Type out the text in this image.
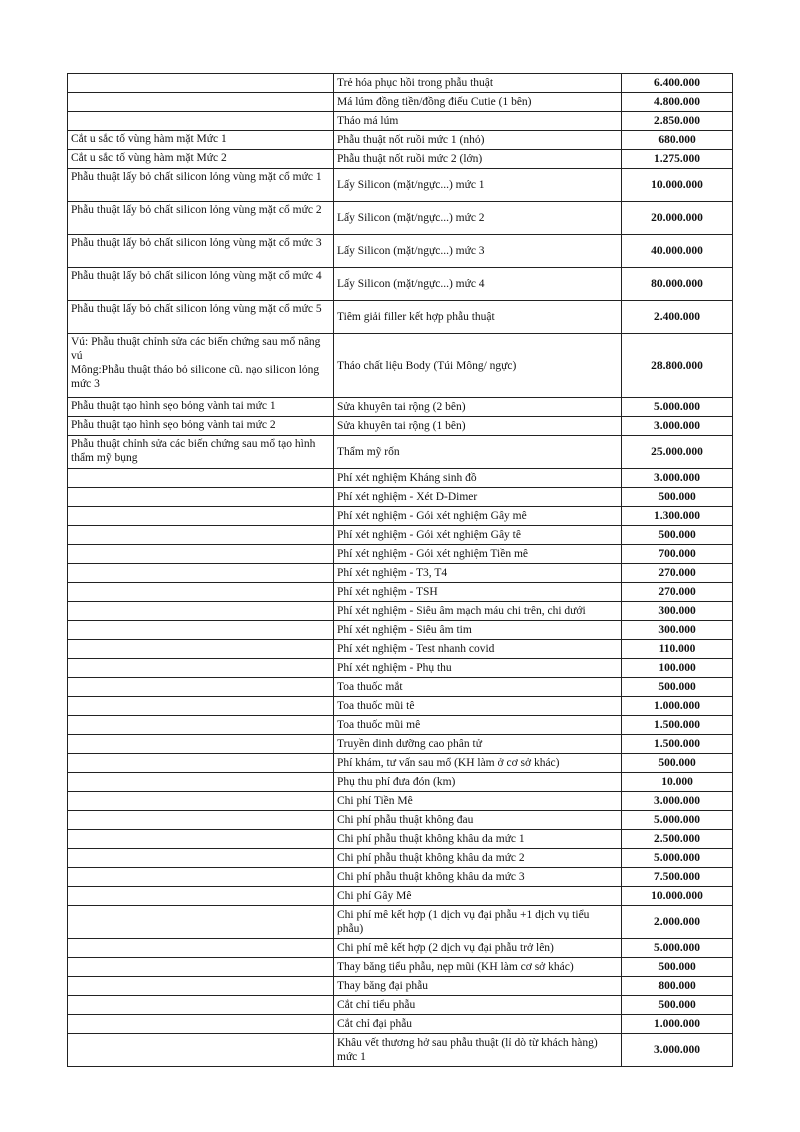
	Trẻ hóa phục hồi trong phẫu thuật	6.400.000
	Má lúm đồng tiền/đồng điếu Cutie (1 bên)	4.800.000
	Tháo má lúm	2.850.000
Cắt u sắc tố vùng hàm mặt Mức 1	Phẫu thuật nốt ruồi mức 1 (nhỏ)	680.000
Cắt u sắc tố vùng hàm mặt Mức 2	Phẫu thuật nốt ruồi mức 2 (lớn)	1.275.000
Phẫu thuật lấy bỏ chất silicon lỏng vùng mặt cổ mức 1	Lấy Silicon (mặt/ngực...) mức 1	10.000.000
Phẫu thuật lấy bỏ chất silicon lỏng vùng mặt cổ mức 2	Lấy Silicon (mặt/ngực...) mức 2	20.000.000
Phẫu thuật lấy bỏ chất silicon lỏng vùng mặt cổ mức 3	Lấy Silicon (mặt/ngực...) mức 3	40.000.000
Phẫu thuật lấy bỏ chất silicon lỏng vùng mặt cổ mức 4	Lấy Silicon (mặt/ngực...) mức 4	80.000.000
Phẫu thuật lấy bỏ chất silicon lỏng vùng mặt cổ mức 5	Tiêm giải filler kết hợp phẫu thuật	2.400.000
Vú: Phẫu thuật chỉnh sửa các biến chứng sau mổ nâng vú
Mông:Phẫu thuật tháo bỏ silicone cũ. nạo silicon lỏng mức 3	Tháo chất liệu Body (Túi Mông/ ngực)	28.800.000
Phẫu thuật tạo hình sẹo bỏng vành tai mức 1	Sửa khuyên tai rộng (2 bên)	5.000.000
Phẫu thuật tạo hình sẹo bỏng vành tai mức 2	Sửa khuyên tai rộng (1 bên)	3.000.000
Phẫu thuật chỉnh sửa các biến chứng sau mổ tạo hình thẩm mỹ bụng	Thẩm mỹ rốn	25.000.000
	Phí xét nghiệm Kháng sinh đồ	3.000.000
	Phí xét nghiệm - Xét D-Dimer	500.000
	Phí xét nghiệm - Gói xét nghiệm Gây mê	1.300.000
	Phí xét nghiệm - Gói xét nghiệm Gây tê	500.000
	Phí xét nghiệm - Gói xét nghiệm Tiền mê	700.000
	Phí xét nghiệm - T3, T4	270.000
	Phí xét nghiệm - TSH	270.000
	Phí xét nghiệm - Siêu âm mạch máu chi trên, chi dưới	300.000
	Phí xét nghiệm - Siêu âm tim	300.000
	Phí xét nghiệm - Test nhanh covid	110.000
	Phí xét nghiệm - Phụ thu	100.000
	Toa thuốc mắt	500.000
	Toa thuốc mũi tê	1.000.000
	Toa thuốc mũi mê	1.500.000
	Truyền dinh dưỡng cao phân tử	1.500.000
	Phí khám, tư vấn sau mổ (KH làm ở cơ sở khác)	500.000
	Phụ thu phí đưa đón (km)	10.000
	Chi phí Tiền Mê	3.000.000
	Chi phí phẫu thuật không đau	5.000.000
	Chi phí phẫu thuật không khâu da mức 1	2.500.000
	Chi phí phẫu thuật không khâu da mức 2	5.000.000
	Chi phí phẫu thuật không khâu da mức 3	7.500.000
	Chi phí Gây Mê	10.000.000
	Chi phí mê kết hợp (1 dịch vụ đại phẫu +1 dịch vụ tiểu phẫu)	2.000.000
	Chi phí mê kết hợp (2 dịch vụ đại phẫu trở lên)	5.000.000
	Thay băng tiểu phẫu, nẹp mũi (KH làm cơ sở khác)	500.000
	Thay băng đại phẫu	800.000
	Cắt chỉ tiểu phẫu	500.000
	Cắt chỉ đại phẫu	1.000.000
	Khâu vết thương hở sau phẫu thuật (lỉ dò từ khách hàng) mức 1	3.000.000
